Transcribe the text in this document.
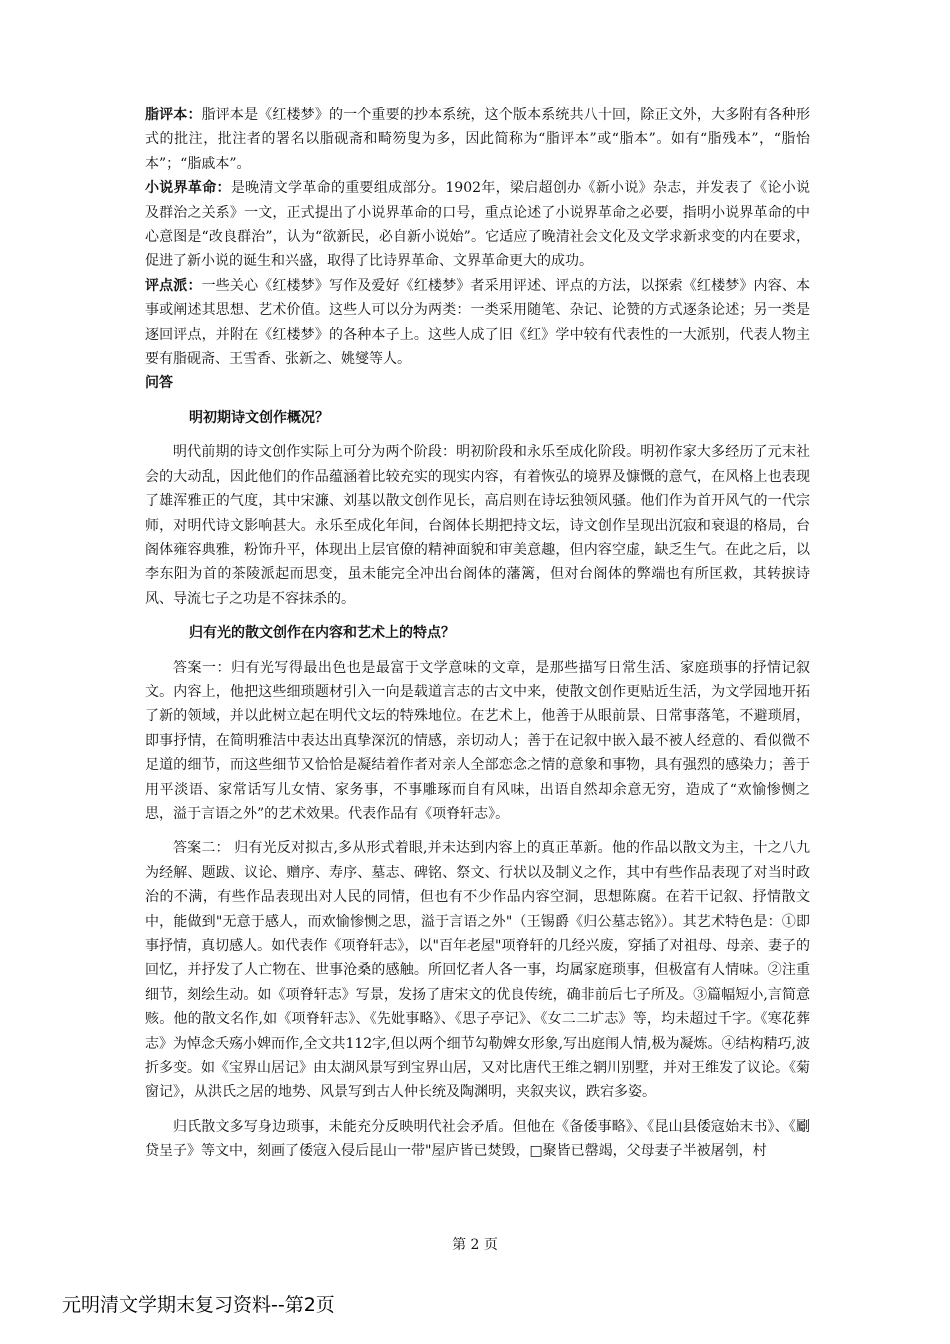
脂评本：脂评本是《红楼梦》的一个重要的抄本系统，这个版本系统共八十回，除正文外，大多附有各种形式的批注，批注者的署名以脂砚斋和畸笏叟为多，因此简称为“脂评本”或“脂本”。如有“脂残本”，“脂怡本”；“脂戚本”。

小说界革命：是晚清文学革命的重要组成部分。1902年，梁启超创办《新小说》杂志，并发表了《论小说及群治之关系》一文，正式提出了小说界革命的口号，重点论述了小说界革命之必要，指明小说界革命的中心意图是“改良群治”，认为“欲新民，必自新小说始”。它适应了晚清社会文化及文学求新求变的内在要求，促进了新小说的诞生和兴盛，取得了比诗界革命、文界革命更大的成功。

评点派：一些关心《红楼梦》写作及爱好《红楼梦》者采用评述、评点的方法，以探索《红楼梦》内容、本事或阐述其思想、艺术价值。这些人可以分为两类：一类采用随笔、杂记、论赞的方式逐条论述；另一类是逐回评点，并附在《红楼梦》的各种本子上。这些人成了旧《红》学中较有代表性的一大派别，代表人物主要有脂砚斋、王雪香、张新之、姚燮等人。

问答

明初期诗文创作概况？

明代前期的诗文创作实际上可分为两个阶段：明初阶段和永乐至成化阶段。明初作家大多经历了元末社会的大动乱，因此他们的作品蕴涵着比较充实的现实内容，有着恢弘的境界及慷慨的意气，在风格上也表现了雄浑雅正的气度，其中宋濂、刘基以散文创作见长，高启则在诗坛独领风骚。他们作为首开风气的一代宗师，对明代诗文影响甚大。永乐至成化年间，台阁体长期把持文坛，诗文创作呈现出沉寂和衰退的格局，台阁体雍容典雅，粉饰升平，体现出上层官僚的精神面貌和审美意趣，但内容空虚，缺乏生气。在此之后，以李东阳为首的茶陵派起而思变，虽未能完全冲出台阁体的藩篱，但对台阁体的弊端也有所匡救，其转捩诗风、导流七子之功是不容抹杀的。

归有光的散文创作在内容和艺术上的特点？

答案一：归有光写得最出色也是最富于文学意味的文章，是那些描写日常生活、家庭琐事的抒情记叙文。内容上，他把这些细琐题材引入一向是载道言志的古文中来，使散文创作更贴近生活，为文学园地开拓了新的领域，并以此树立起在明代文坛的特殊地位。在艺术上，他善于从眼前景、日常事落笔，不避琐屑，即事抒情，在简明雅洁中表达出真挚深沉的情感，亲切动人；善于在记叙中嵌入最不被人经意的、看似微不足道的细节，而这些细节又恰恰是凝结着作者对亲人全部恋念之情的意象和事物，具有强烈的感染力；善于用平淡语、家常话写儿女情、家务事，不事雕琢而自有风味，出语自然却余意无穷，造成了“欢愉惨恻之思，溢于言语之外”的艺术效果。代表作品有《项脊轩志》。

答案二： 归有光反对拟古,多从形式着眼,并未达到内容上的真正革新。他的作品以散文为主，十之八九为经解、题跋、议论、赠序、寿序、墓志、碑铭、祭文、行状以及制义之作，其中有些作品表现了对当时政治的不满，有些作品表现出对人民的同情，但也有不少作品内容空洞，思想陈腐。在若干记叙、抒情散文中，能做到"无意于感人，而欢愉惨恻之思，溢于言语之外"（王锡爵《归公墓志铭》）。其艺术特色是：①即事抒情，真切感人。如代表作《项脊轩志》，以"百年老屋"项脊轩的几经兴废，穿插了对祖母、母亲、妻子的回忆，并抒发了人亡物在、世事沧桑的感触。所回忆者人各一事，均属家庭琐事，但极富有人情味。②注重细节，刻绘生动。如《项脊轩志》写景，发扬了唐宋文的优良传统，确非前后七子所及。③篇幅短小,言简意赅。他的散文名作,如《项脊轩志》、《先妣事略》、《思子亭记》、《女二二圹志》等，均未超过千字。《寒花葬志》为悼念夭殇小婢而作,全文共112字,但以两个细节勾勒婢女形象,写出庭闱人情,极为凝炼。④结构精巧,波折多变。如《宝界山居记》由太湖风景写到宝界山居，又对比唐代王维之辋川别墅，并对王维发了议论。《菊窗记》，从洪氏之居的地势、风景写到古人仲长统及陶渊明，夹叙夹议，跌宕多姿。

归氏散文多写身边琐事，未能充分反映明代社会矛盾。但他在《备倭事略》、《昆山县倭寇始末书》、《劚贷呈子》等文中，刻画了倭寇入侵后昆山一带"屋庐皆已焚毁，□聚皆已罄竭，父母妻子半被屠刳，村

第 2 页
元明清文学期末复习资料--第2页
